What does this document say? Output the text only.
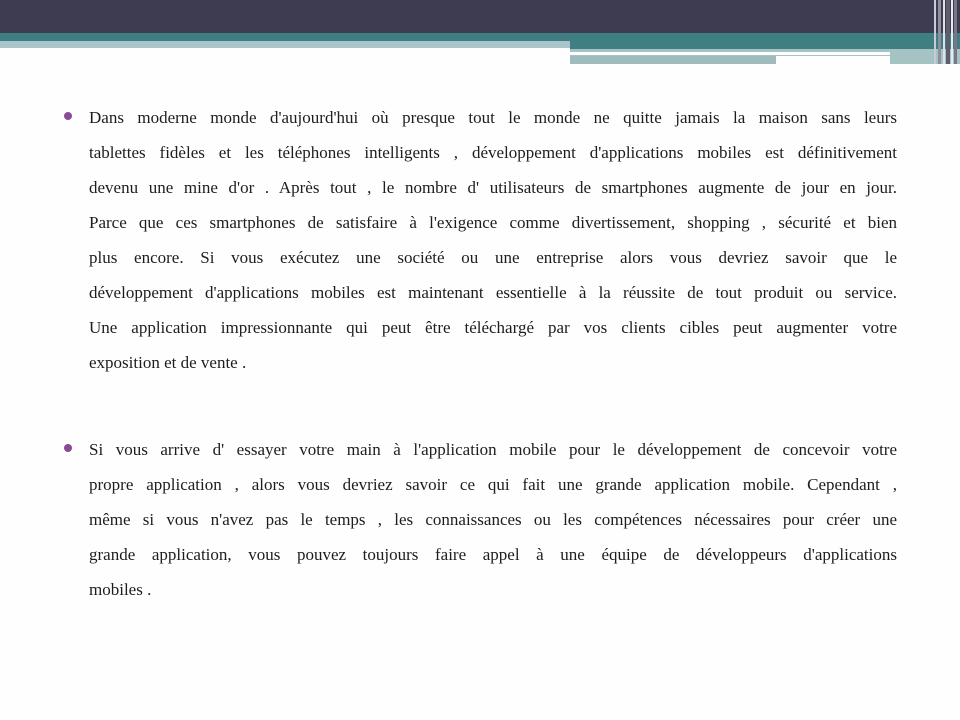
Dans moderne monde d'aujourd'hui où presque tout le monde ne quitte jamais la maison sans leurs
tablettes fidèles et les téléphones intelligents , développement d'applications mobiles est définitivement
devenu une mine d'or . Après tout , le nombre d' utilisateurs de smartphones augmente de jour en jour.
Parce que ces smartphones de satisfaire à l'exigence comme divertissement, shopping , sécurité et bien
plus encore. Si vous exécutez une société ou une entreprise alors vous devriez savoir que le
développement d'applications mobiles est maintenant essentielle à la réussite de tout produit ou service.
Une application impressionnante qui peut être téléchargé par vos clients cibles peut augmenter votre
exposition et de vente .
Si vous arrive d' essayer votre main à l'application mobile pour le développement de concevoir votre
propre application , alors vous devriez savoir ce qui fait une grande application mobile. Cependant ,
même si vous n'avez pas le temps , les connaissances ou les compétences nécessaires pour créer une
grande application, vous pouvez toujours faire appel à une équipe de développeurs d'applications
mobiles .
